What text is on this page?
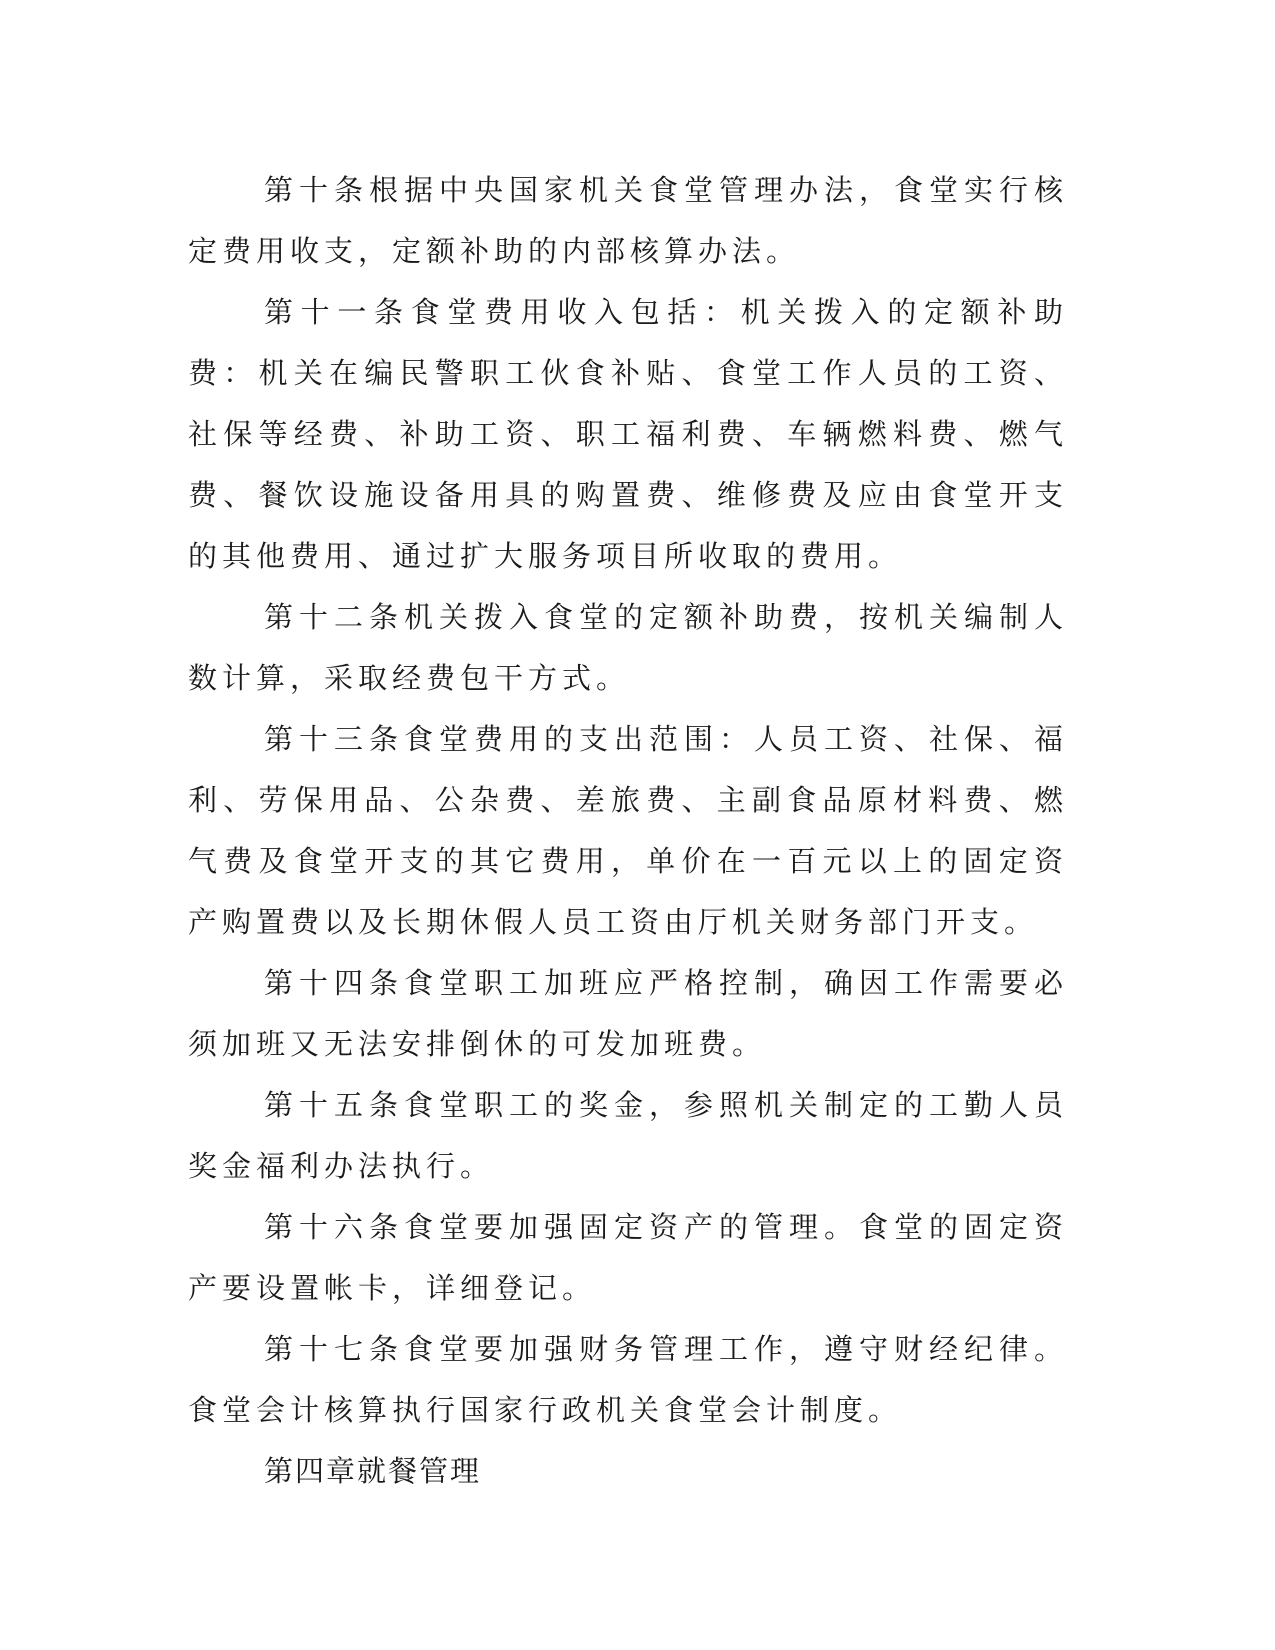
第十条根据中央国家机关食堂管理办法，食堂实行核定费用收支，定额补助的内部核算办法。

第十一条食堂费用收入包括：机关拨入的定额补助费：机关在编民警职工伙食补贴、食堂工作人员的工资、社保等经费、补助工资、职工福利费、车辆燃料费、燃气费、餐饮设施设备用具的购置费、维修费及应由食堂开支的其他费用、通过扩大服务项目所收取的费用。

第十二条机关拨入食堂的定额补助费，按机关编制人数计算，采取经费包干方式。

第十三条食堂费用的支出范围：人员工资、社保、福利、劳保用品、公杂费、差旅费、主副食品原材料费、燃气费及食堂开支的其它费用，单价在一百元以上的固定资产购置费以及长期休假人员工资由厅机关财务部门开支。

第十四条食堂职工加班应严格控制，确因工作需要必须加班又无法安排倒休的可发加班费。

第十五条食堂职工的奖金，参照机关制定的工勤人员奖金福利办法执行。

第十六条食堂要加强固定资产的管理。食堂的固定资产要设置帐卡，详细登记。

第十七条食堂要加强财务管理工作，遵守财经纪律。食堂会计核算执行国家行政机关食堂会计制度。

第四章就餐管理
